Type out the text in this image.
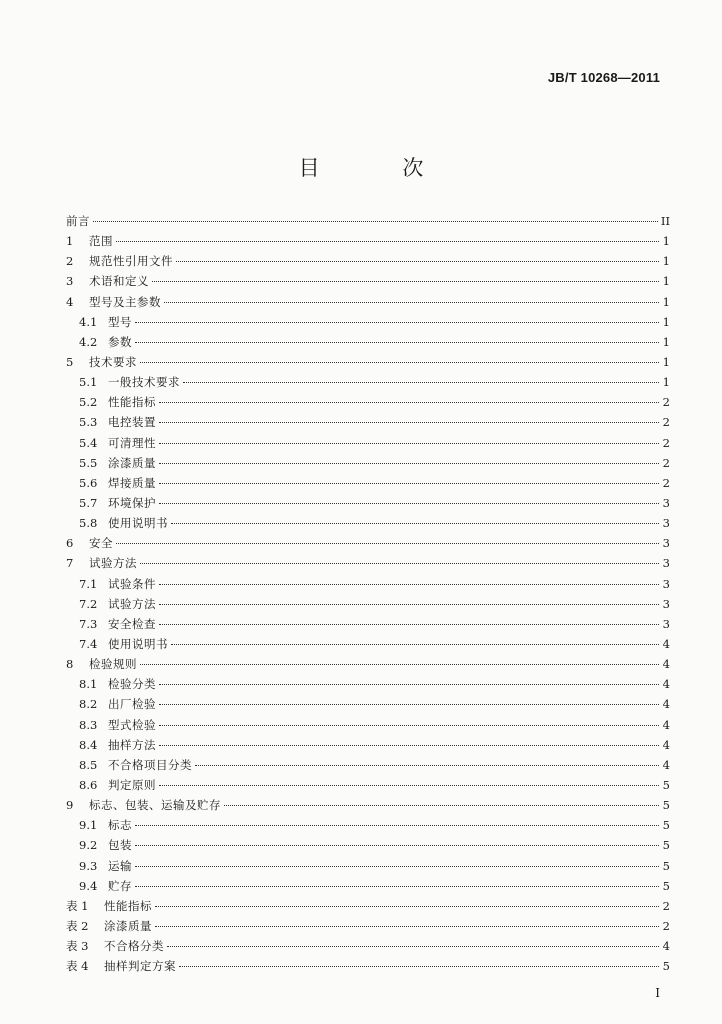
JB/T 10268—2011
目 次
前言	II
1	范围	1
2	规范性引用文件	1
3	术语和定义	1
4	型号及主参数	1
4.1 型号	1
4.2 参数	1
5	技术要求	1
5.1 一般技术要求	1
5.2 性能指标	2
5.3 电控装置	2
5.4 可清理性	2
5.5 涂漆质量	2
5.6 焊接质量	2
5.7 环境保护	3
5.8 使用说明书	3
6	安全	3
7	试验方法	3
7.1 试验条件	3
7.2 试验方法	3
7.3 安全检查	3
7.4 使用说明书	4
8	检验规则	4
8.1 检验分类	4
8.2 出厂检验	4
8.3 型式检验	4
8.4 抽样方法	4
8.5 不合格项目分类	4
8.6 判定原则	5
9	标志、包装、运输及贮存	5
9.1 标志	5
9.2 包装	5
9.3 运输	5
9.4 贮存	5
表 1	性能指标	2
表 2	涂漆质量	2
表 3	不合格分类	4
表 4	抽样判定方案	5
I
